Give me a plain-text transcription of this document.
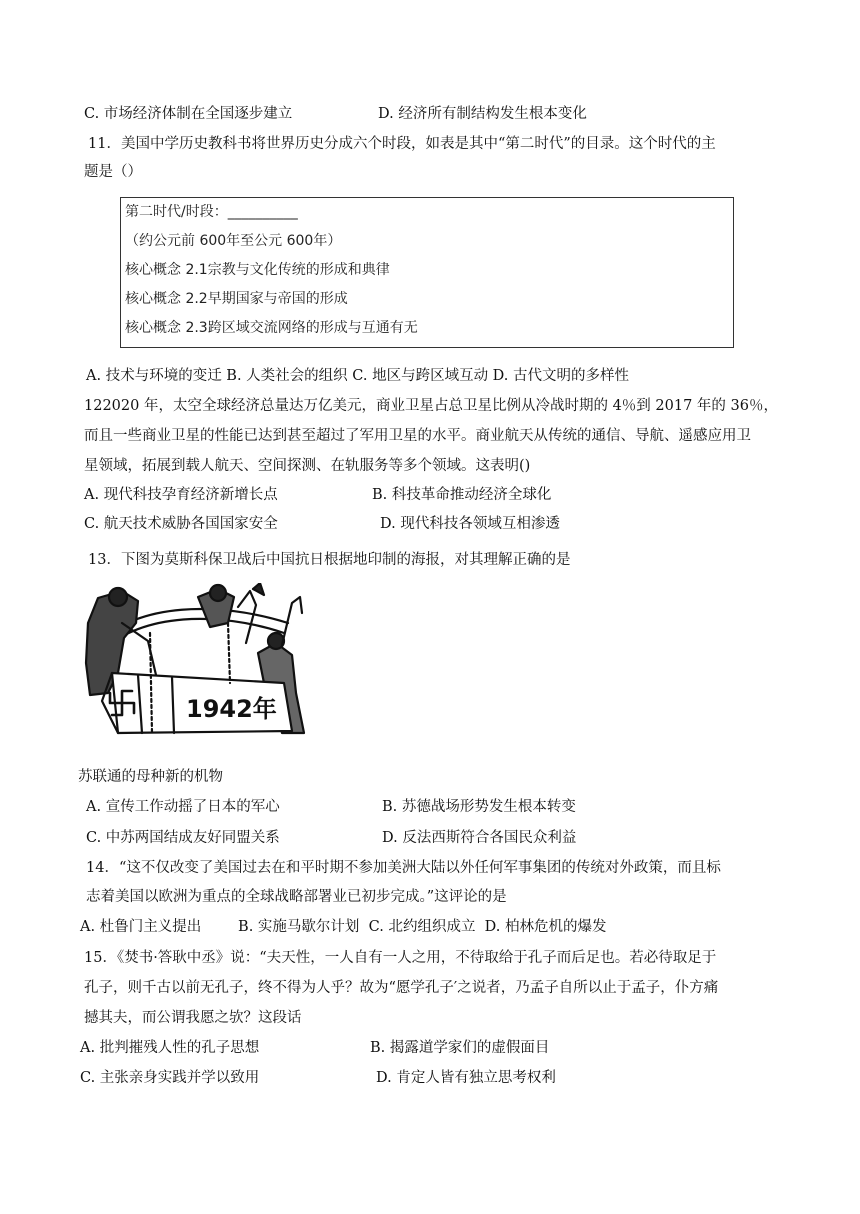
C. 市场经济体制在全国逐步建立	D. 经济所有制结构发生根本变化
11．美国中学历史教科书将世界历史分成六个时段，如表是其中“第二时代”的目录。这个时代的主
题是（）
第二时代/时段：__________
（约公元前 600年至公元 600年）
核心概念 2.1宗教与文化传统的形成和典律
核心概念 2.2早期国家与帝国的形成
核心概念 2.3跨区域交流网络的形成与互通有无
A. 技术与环境的变迁 B. 人类社会的组织 C. 地区与跨区域互动 D. 古代文明的多样性
122020 年，太空全球经济总量达万亿美元，商业卫星占总卫星比例从冷战时期的 4％到 2017 年的 36％，
而且一些商业卫星的性能已达到甚至超过了军用卫星的水平。商业航天从传统的通信、导航、遥感应用卫
星领域，拓展到载人航天、空间探测、在轨服务等多个领域。这表明()
A. 现代科技孕育经济新增长点	B. 科技革命推动经济全球化
C. 航天技术威胁各国国家安全	D. 现代科技各领域互相渗透
13．下图为莫斯科保卫战后中国抗日根据地印制的海报，对其理解正确的是
1942年
苏联通的母种新的机物
A. 宣传工作动摇了日本的军心	B. 苏德战场形势发生根本转变
C. 中苏两国结成友好同盟关系	D. 反法西斯符合各国民众利益
14．“这不仅改变了美国过去在和平时期不参加美洲大陆以外任何军事集团的传统对外政策，而且标
志着美国以欧洲为重点的全球战略部署业已初步完成。”这评论的是
A. 杜鲁门主义提出        B. 实施马歇尔计划  C. 北约组织成立  D. 柏林危机的爆发
15．《焚书·答耿中丞》说：“夫天性，一人自有一人之用，不待取给于孔子而后足也。若必待取足于
孔子，则千古以前无孔子，终不得为人乎？故为“愿学孔子′之说者，乃孟子自所以止于孟子，仆方痛
撼其夫，而公谓我愿之欤？这段话
A. 批判摧残人性的孔子思想	B. 揭露道学家们的虚假面目
C. 主张亲身实践并学以致用	D. 肯定人皆有独立思考权利
